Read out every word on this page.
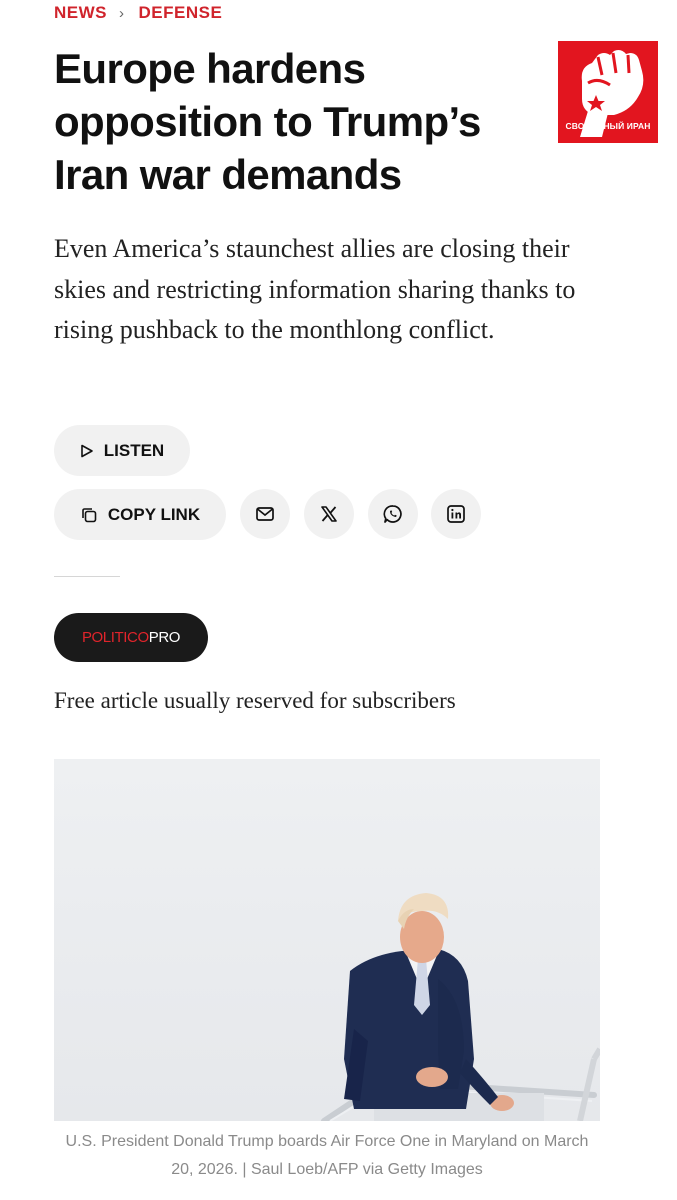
NEWS › DEFENSE
Europe hardens opposition to Trump’s Iran war demands
СВОБОДНЫЙ ИРАН

Even America’s staunchest allies are closing their skies and restricting information sharing thanks to rising pushback to the monthlong conflict.

LISTEN
COPY LINK
POLITICO PRO

Free article usually reserved for subscribers

U.S. President Donald Trump boards Air Force One in Maryland on March 20, 2026. | Saul Loeb/AFP via Getty Images
